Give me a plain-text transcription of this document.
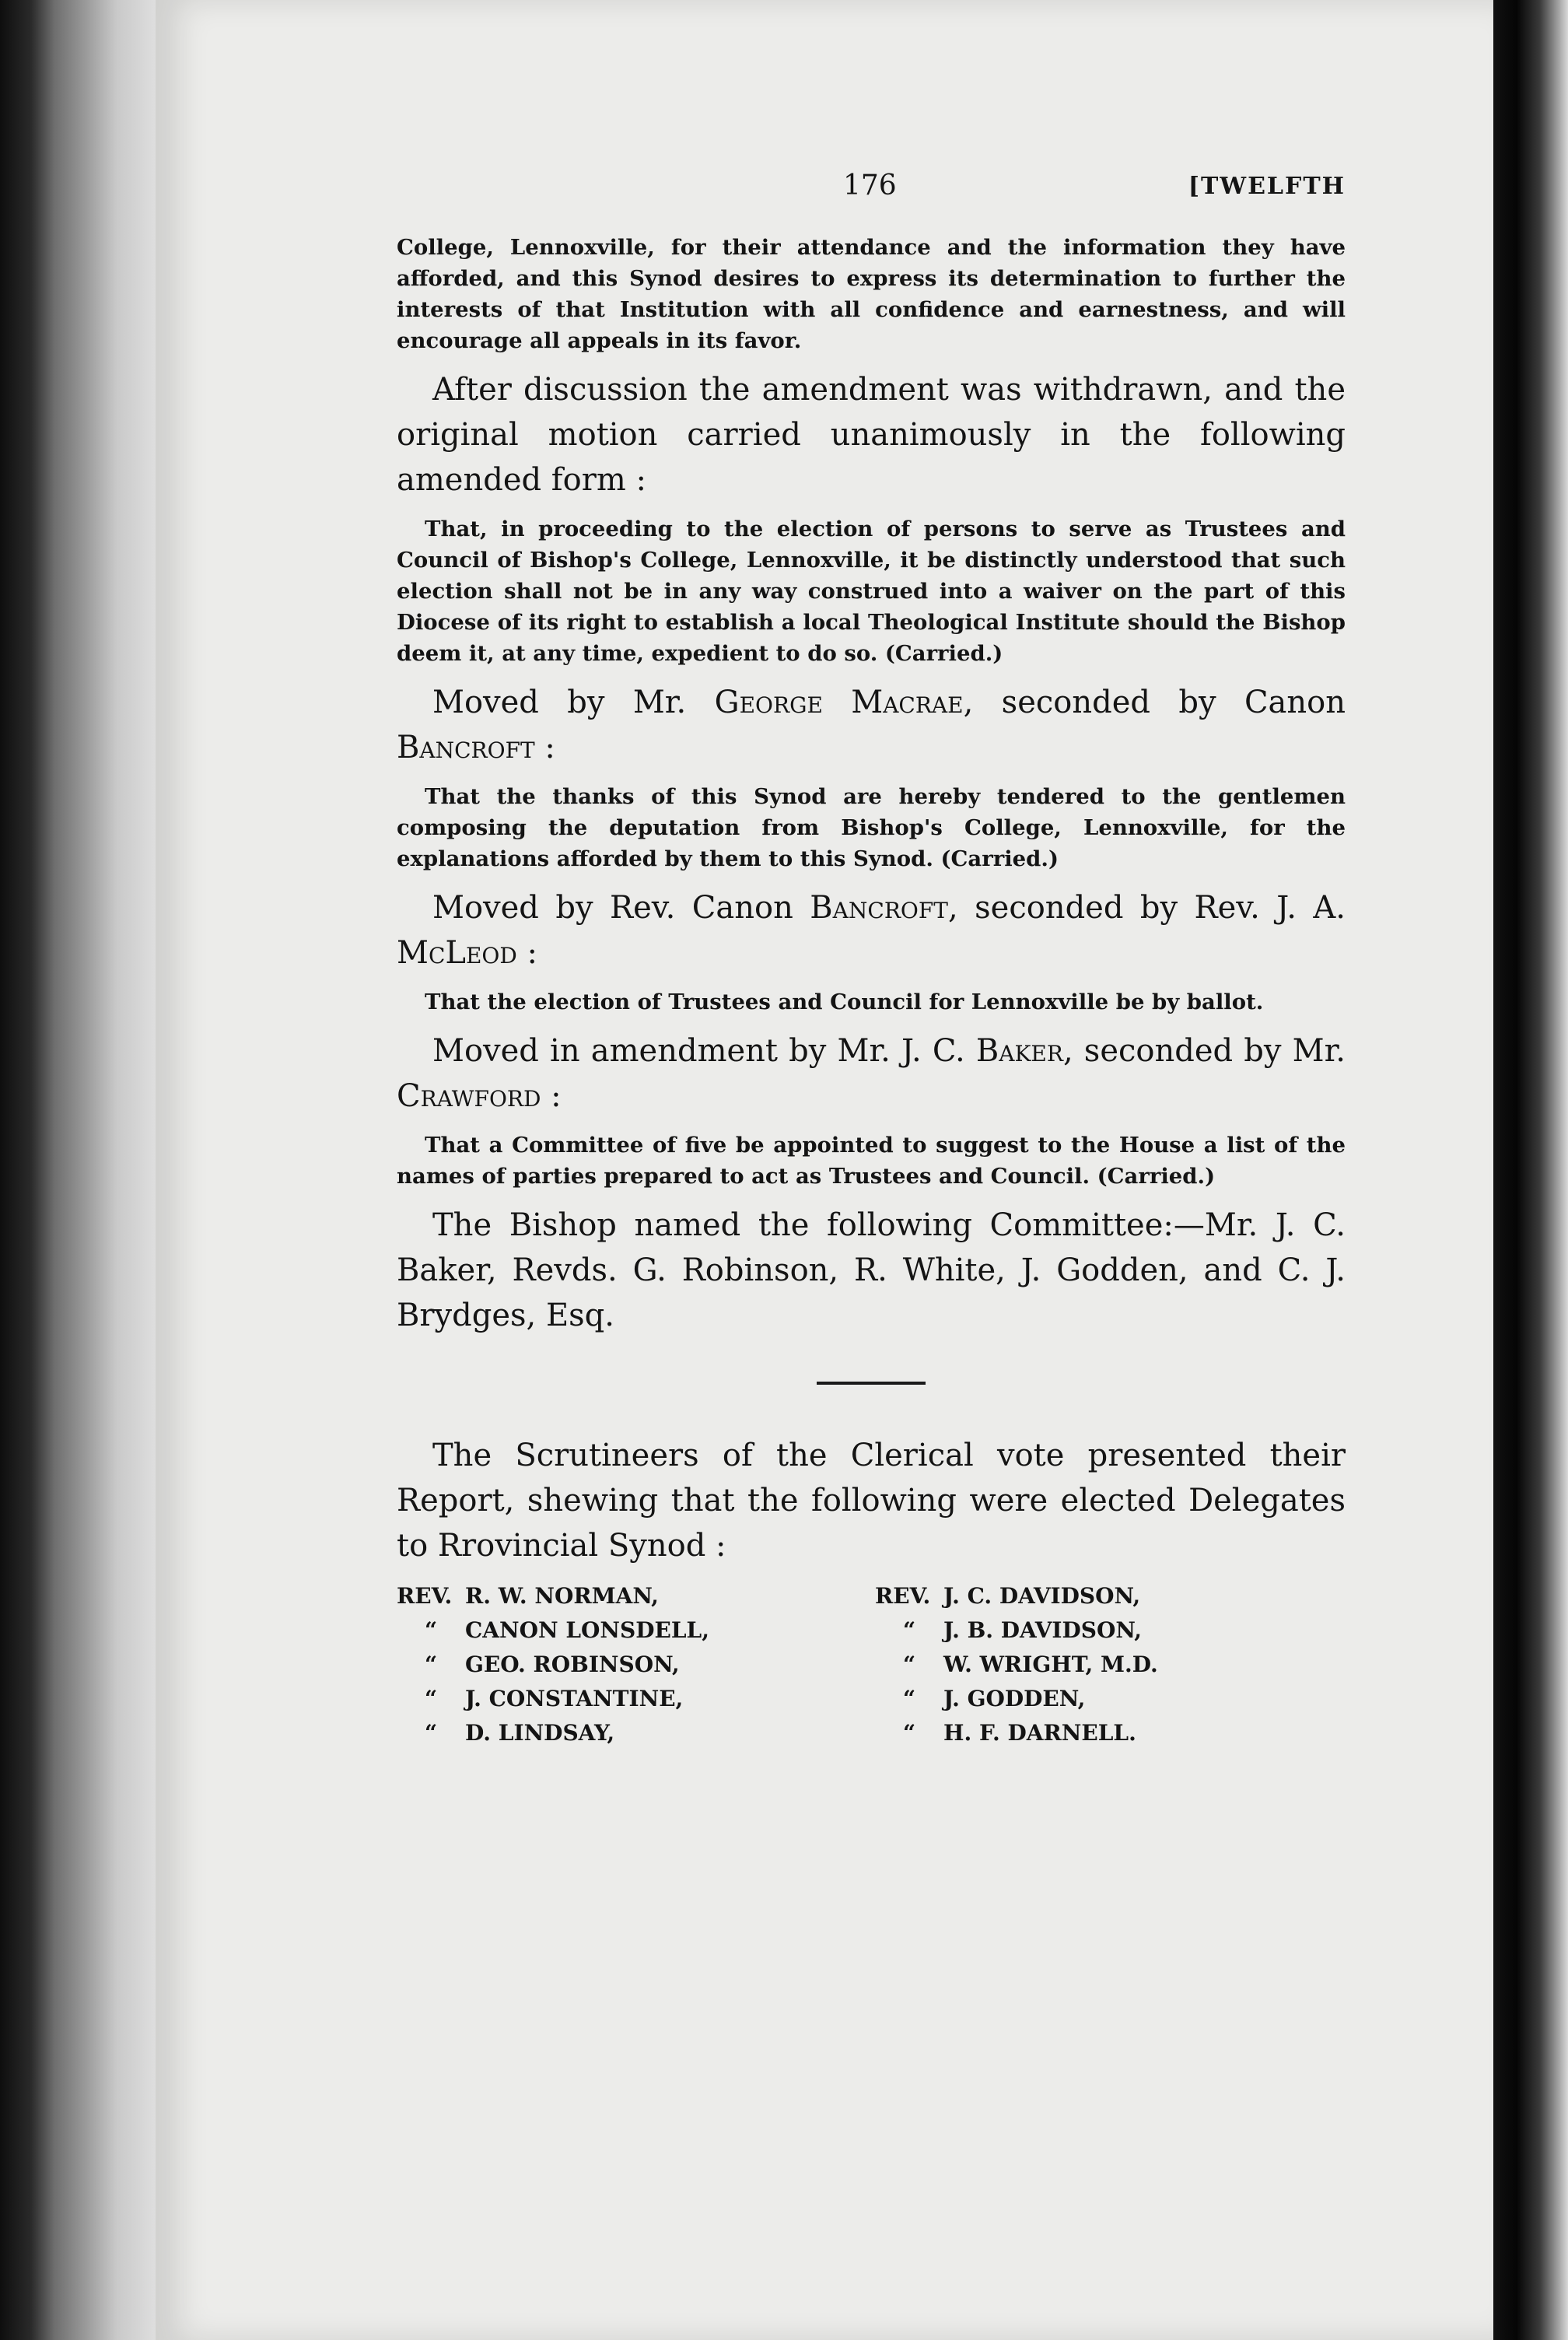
176	[TWELFTH

College, Lennoxville, for their attendance and the information they have afforded, and this Synod desires to express its determination to further the interests of that Institution with all confidence and earnestness, and will encourage all appeals in its favor.

After discussion the amendment was withdrawn, and the original motion carried unanimously in the following amended form :

That, in proceeding to the election of persons to serve as Trustees and Council of Bishop's College, Lennoxville, it be distinctly understood that such election shall not be in any way construed into a waiver on the part of this Diocese of its right to establish a local Theological Institute should the Bishop deem it, at any time, expedient to do so. (Carried.)

Moved by Mr. George Macrae, seconded by Canon Bancroft :

That the thanks of this Synod are hereby tendered to the gentlemen composing the deputation from Bishop's College, Lennoxville, for the explanations afforded by them to this Synod. (Carried.)

Moved by Rev. Canon Bancroft, seconded by Rev. J. A. McLeod :

That the election of Trustees and Council for Lennoxville be by ballot.

Moved in amendment by Mr. J. C. Baker, seconded by Mr. Crawford :

That a Committee of five be appointed to suggest to the House a list of the names of parties prepared to act as Trustees and Council. (Carried.)

The Bishop named the following Committee:—Mr. J. C. Baker, Revds. G. Robinson, R. White, J. Godden, and C. J. Brydges, Esq.

The Scrutineers of the Clerical vote presented their Report, shewing that the following were elected Delegates to Rrovincial Synod :

REV. R. W. NORMAN,
“ CANON LONSDELL,
“ GEO. ROBINSON,
“ J. CONSTANTINE,
“ D. LINDSAY,
REV. J. C. DAVIDSON,
“ J. B. DAVIDSON,
“ W. WRIGHT, M.D.
“ J. GODDEN,
“ H. F. DARNELL.
